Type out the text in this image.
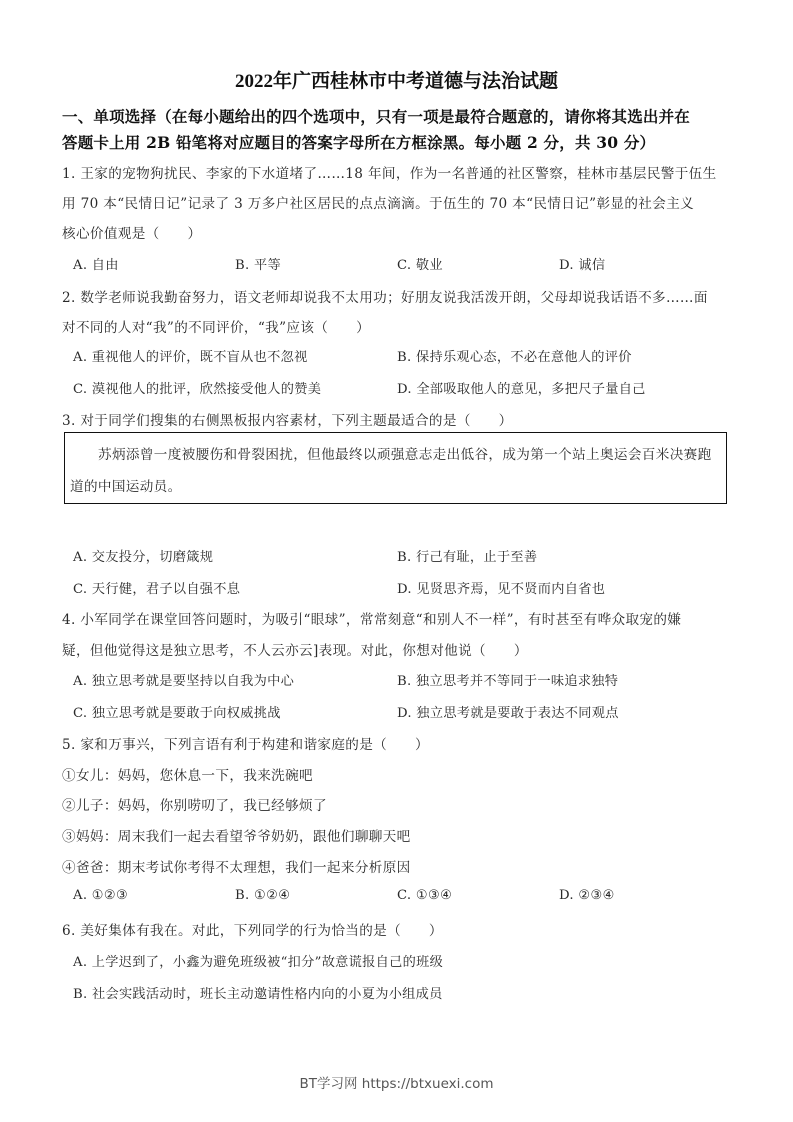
2022年广西桂林市中考道德与法治试题
一、单项选择（在每小题给出的四个选项中，只有一项是最符合题意的，请你将其选出并在
答题卡上用 2B 铅笔将对应题目的答案字母所在方框涂黑。每小题 2 分，共 30 分）
1. 王家的宠物狗扰民、李家的下水道堵了……18 年间，作为一名普通的社区警察，桂林市基层民警于伍生
用 70 本“民情日记”记录了 3 万多户社区居民的点点滴滴。于伍生的 70 本“民情日记”彰显的社会主义
核心价值观是（　　）
A. 自由	B. 平等	C. 敬业	D. 诚信
2. 数学老师说我勤奋努力，语文老师却说我不太用功；好朋友说我活泼开朗，父母却说我话语不多……面
对不同的人对“我”的不同评价，“我”应该（　　）
A. 重视他人的评价，既不盲从也不忽视	B. 保持乐观心态，不必在意他人的评价
C. 漠视他人的批评，欣然接受他人的赞美	D. 全部吸取他人的意见，多把尺子量自己
3. 对于同学们搜集的右侧黑板报内容素材，下列主题最适合的是（　　）
苏炳添曾一度被腰伤和骨裂困扰，但他最终以顽强意志走出低谷，成为第一个站上奥运会百米决赛跑
道的中国运动员。
A. 交友投分，切磨箴规	B. 行己有耻，止于至善
C. 天行健，君子以自强不息	D. 见贤思齐焉，见不贤而内自省也
4. 小军同学在课堂回答问题时，为吸引“眼球”，常常刻意“和别人不一样”，有时甚至有哗众取宠的嫌
疑，但他觉得这是独立思考，不人云亦云]表现。对此，你想对他说（　　）
A. 独立思考就是要坚持以自我为中心	B. 独立思考并不等同于一味追求独特
C. 独立思考就是要敢于向权威挑战	D. 独立思考就是要敢于表达不同观点
5. 家和万事兴，下列言语有利于构建和谐家庭的是（　　）
①女儿：妈妈，您休息一下，我来洗碗吧
②儿子：妈妈，你别唠叨了，我已经够烦了
③妈妈：周末我们一起去看望爷爷奶奶，跟他们聊聊天吧
④爸爸：期末考试你考得不太理想，我们一起来分析原因
A. ①②③	B. ①②④	C. ①③④	D. ②③④
6. 美好集体有我在。对此，下列同学的行为恰当的是（　　）
A. 上学迟到了，小鑫为避免班级被“扣分”故意谎报自己的班级
B. 社会实践活动时，班长主动邀请性格内向的小夏为小组成员
BT学习网 https://btxuexi.com
